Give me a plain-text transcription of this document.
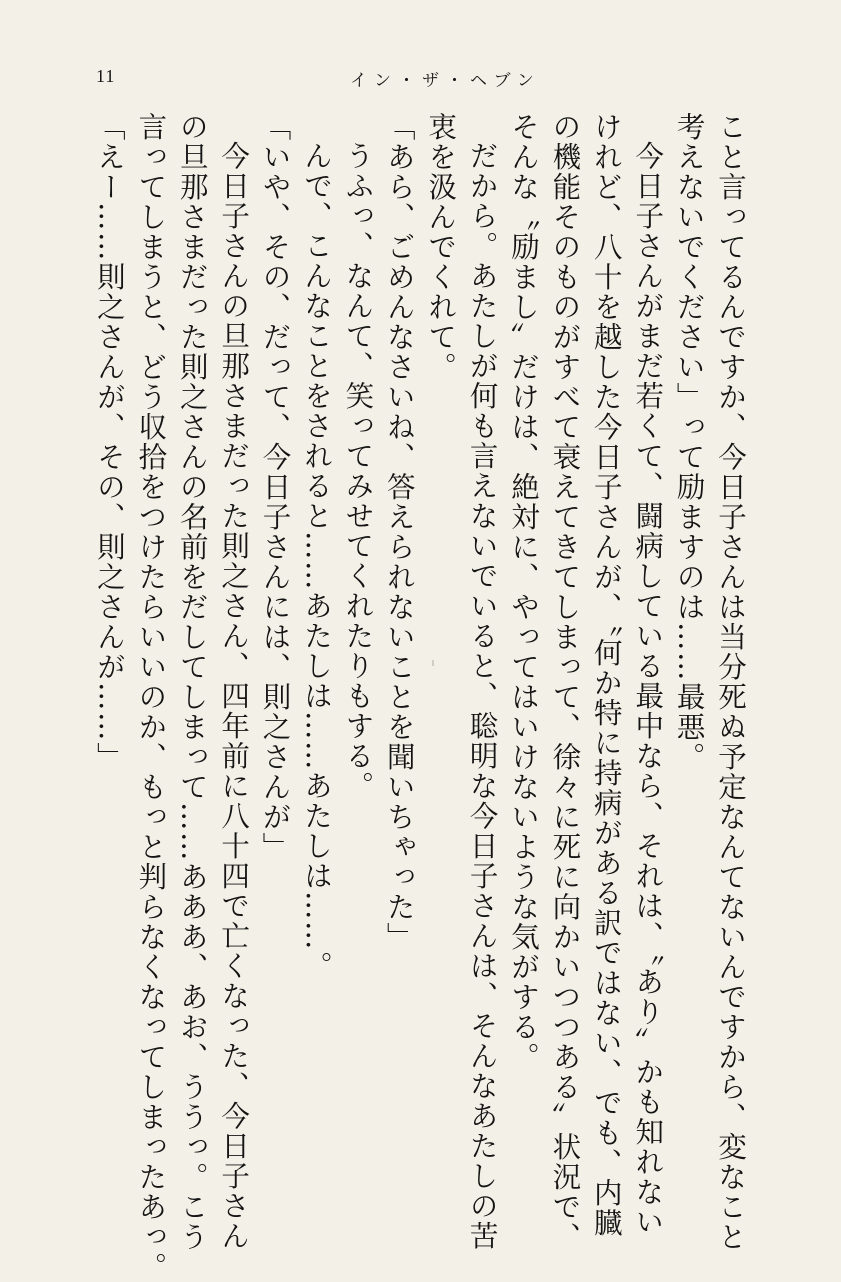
11	イン・ザ・ヘブン
こと言ってるんですか、今日子さんは当分死ぬ予定なんてないんですから、変なこと
考えないでください」って励ますのは……最悪。
今日子さんがまだ若くて、闘病している最中なら、それは、〝あり〟かも知れない
けれど、八十を越した今日子さんが、〝何か特に持病がある訳ではない、でも、内臓
の機能そのものがすべて衰えてきてしまって、徐々に死に向かいつつある〟状況で、
そんな〝励まし〟だけは、絶対に、やってはいけないような気がする。
だから。あたしが何も言えないでいると、聡明な今日子さんは、そんなあたしの苦
衷を汲んでくれて。
「あら、ごめんなさいね、答えられないことを聞いちゃった」
うふっ、なんて、笑ってみせてくれたりもする。
んで、こんなことをされると……あたしは……あたしは……。
「いや、その、だって、今日子さんには、則之さんが」
今日子さんの旦那さまだった則之さん、四年前に八十四で亡くなった、今日子さん
の旦那さまだった則之さんの名前をだしてしまって……あああ、あお、ううっ。こう
言ってしまうと、どう収拾をつけたらいいのか、もっと判らなくなってしまったあっ。
「えー……則之さんが、その、則之さんが……」
